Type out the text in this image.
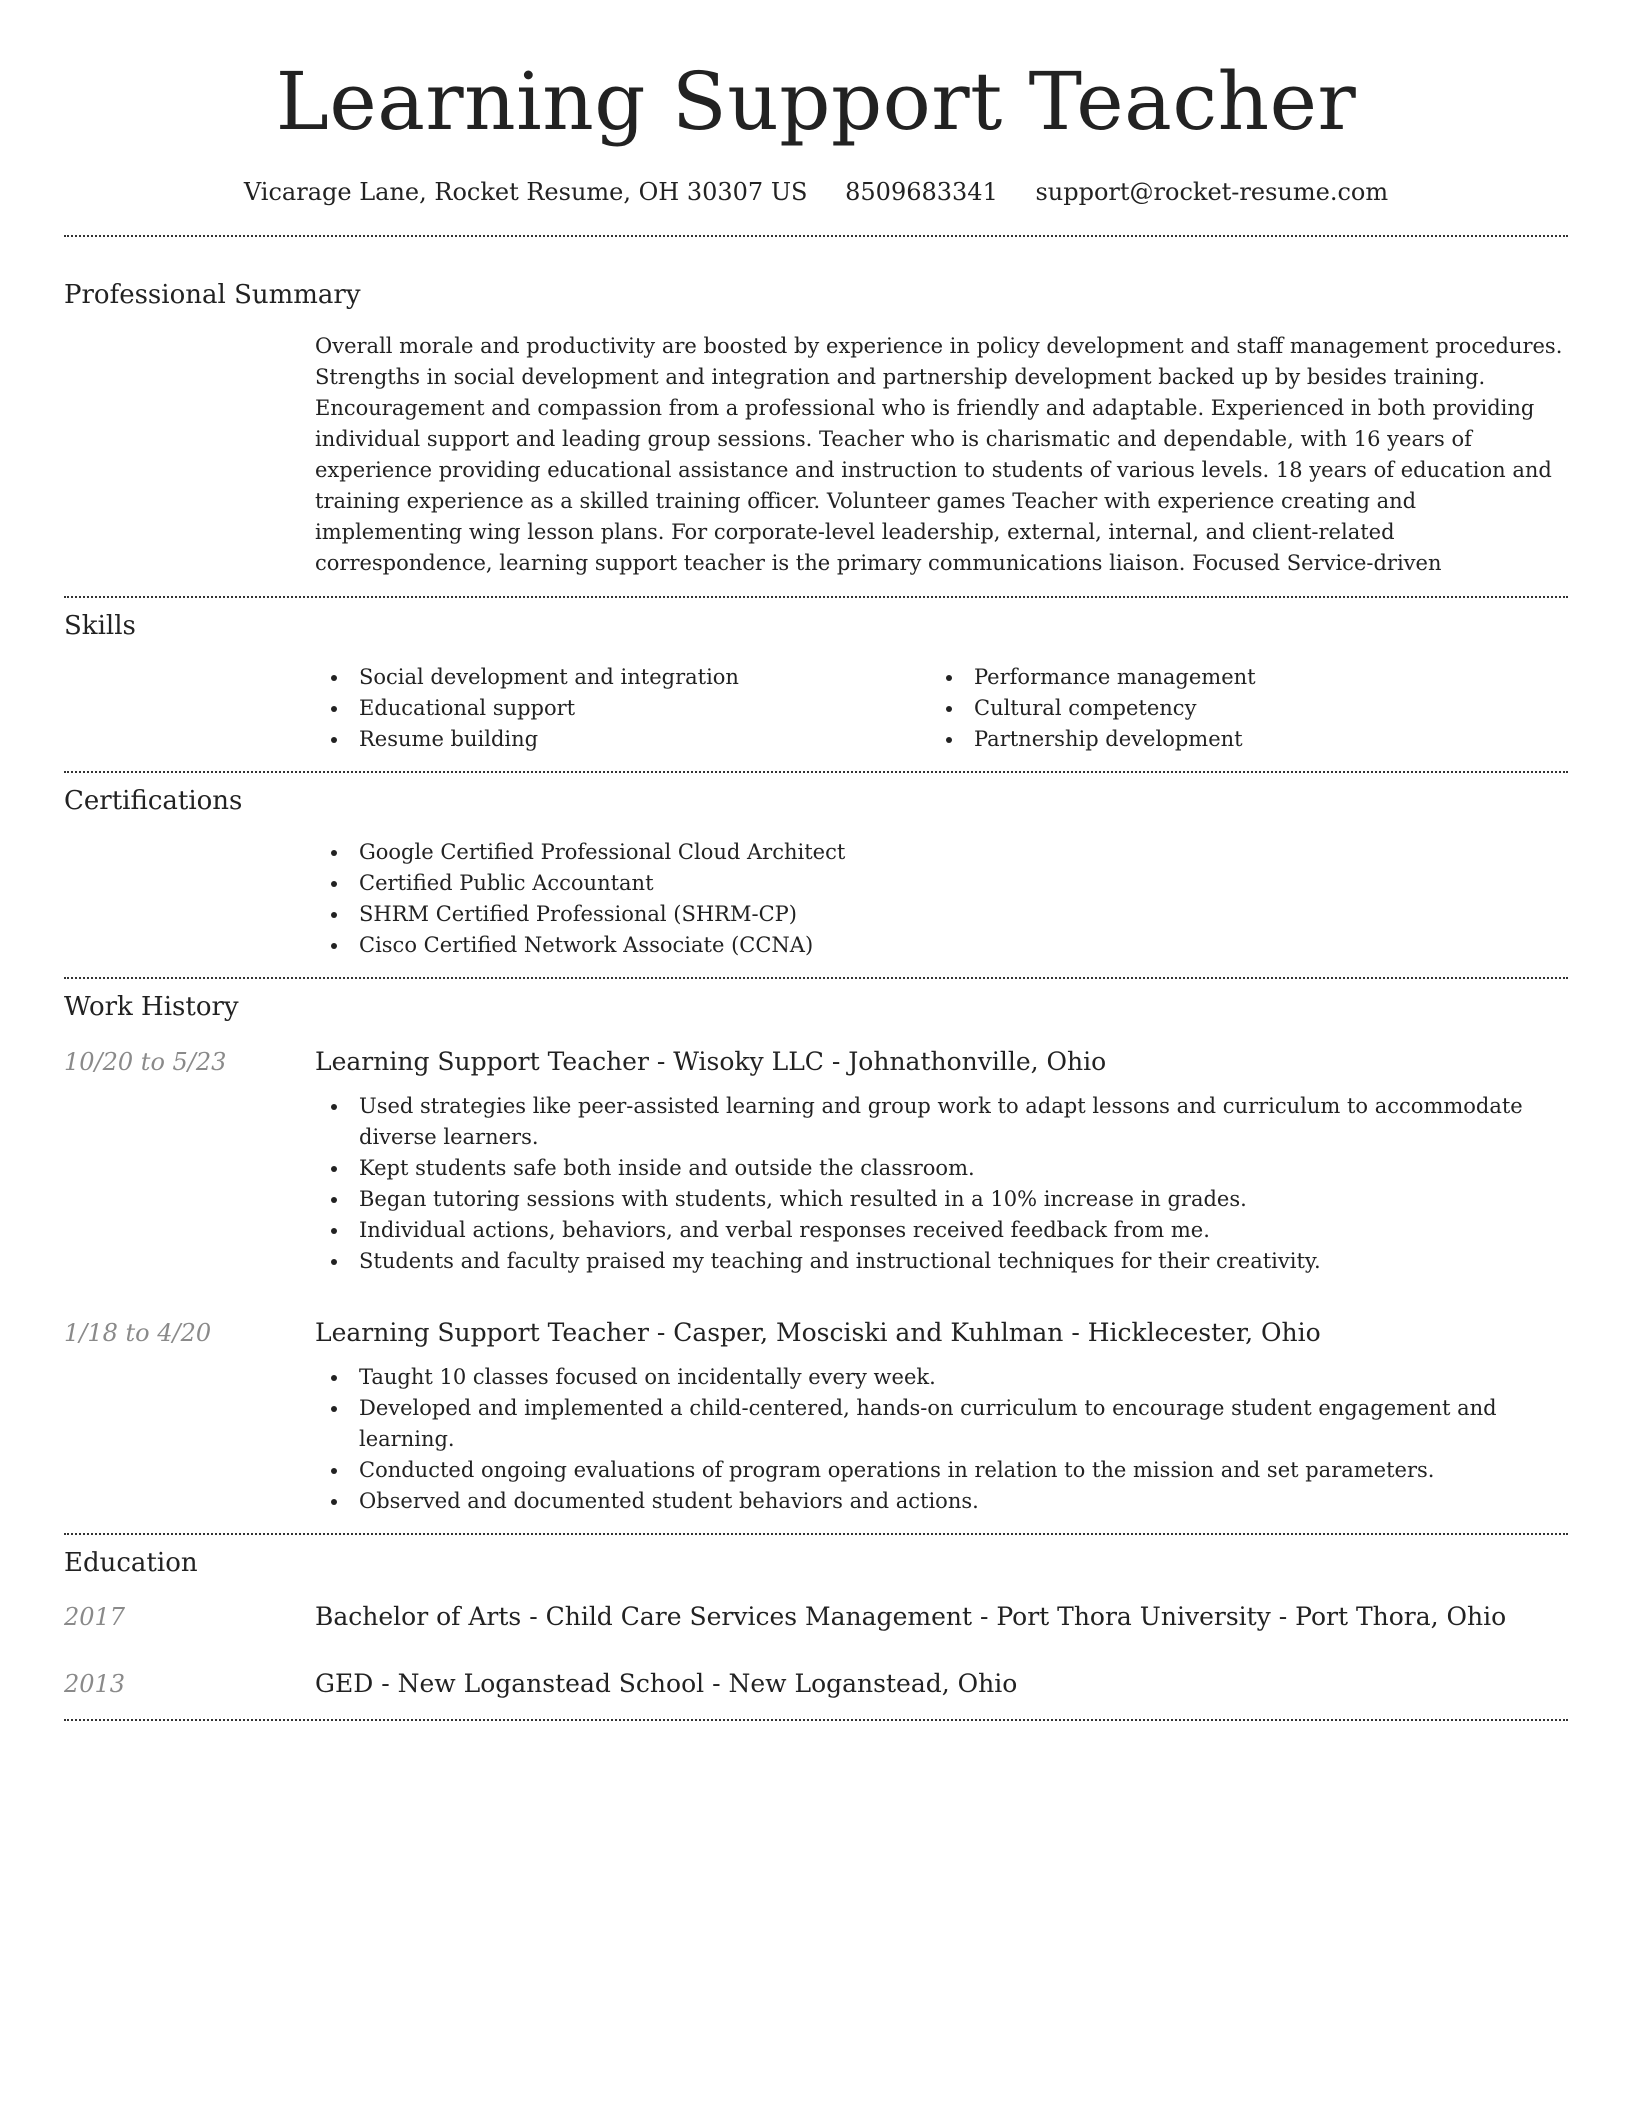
Learning Support Teacher
Vicarage Lane, Rocket Resume, OH 30307 US 8509683341 support@rocket-resume.com
Professional Summary

Overall morale and productivity are boosted by experience in policy development and staff management procedures. Strengths in social development and integration and partnership development backed up by besides training. Encouragement and compassion from a professional who is friendly and adaptable. Experienced in both providing individual support and leading group sessions. Teacher who is charismatic and dependable, with 16 years of experience providing educational assistance and instruction to students of various levels. 18 years of education and training experience as a skilled training officer. Volunteer games Teacher with experience creating and implementing wing lesson plans. For corporate-level leadership, external, internal, and client-related correspondence, learning support teacher is the primary communications liaison. Focused Service-driven

Skills
Social development and integration
Educational support
Resume building
Performance management
Cultural competency
Partnership development
Certifications
Google Certified Professional Cloud Architect
Certified Public Accountant
SHRM Certified Professional (SHRM-CP)
Cisco Certified Network Associate (CCNA)
Work History
10/20 to 5/23	Learning Support Teacher - Wisoky LLC - Johnathonville, Ohio
Used strategies like peer-assisted learning and group work to adapt lessons and curriculum to accommodate diverse learners.
Kept students safe both inside and outside the classroom.
Began tutoring sessions with students, which resulted in a 10% increase in grades.
Individual actions, behaviors, and verbal responses received feedback from me.
Students and faculty praised my teaching and instructional techniques for their creativity.
1/18 to 4/20	Learning Support Teacher - Casper, Mosciski and Kuhlman - Hicklecester, Ohio
Taught 10 classes focused on incidentally every week.
Developed and implemented a child-centered, hands-on curriculum to encourage student engagement and learning.
Conducted ongoing evaluations of program operations in relation to the mission and set parameters.
Observed and documented student behaviors and actions.
Education
2017	Bachelor of Arts - Child Care Services Management - Port Thora University - Port Thora, Ohio
2013	GED - New Loganstead School - New Loganstead, Ohio
